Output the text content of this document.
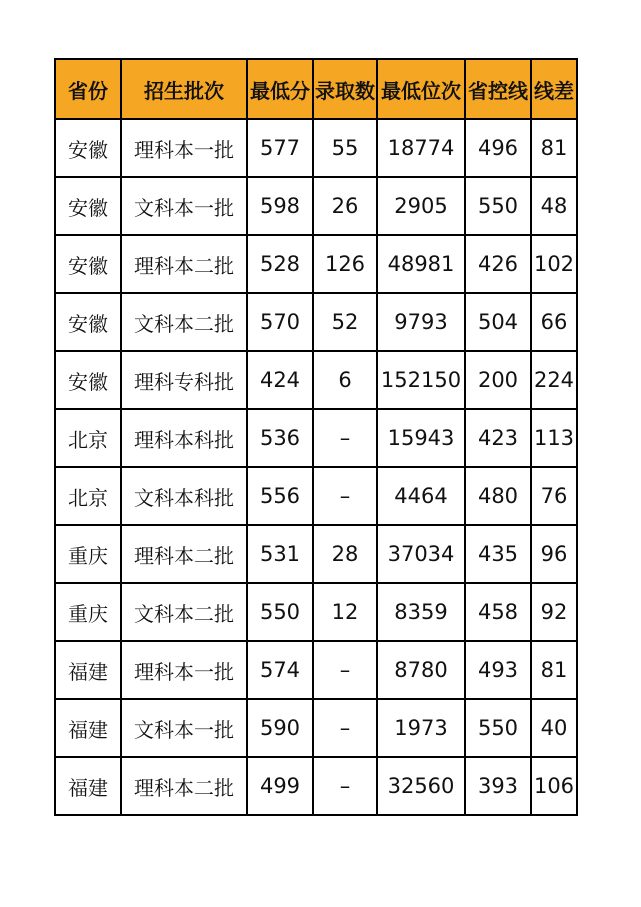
省份	招生批次	最低分	录取数	最低位次	省控线	线差
安徽	理科本一批	577	55	18774	496	81
安徽	文科本一批	598	26	2905	550	48
安徽	理科本二批	528	126	48981	426	102
安徽	文科本二批	570	52	9793	504	66
安徽	理科专科批	424	6	152150	200	224
北京	理科本科批	536	–	15943	423	113
北京	文科本科批	556	–	4464	480	76
重庆	理科本二批	531	28	37034	435	96
重庆	文科本二批	550	12	8359	458	92
福建	理科本一批	574	–	8780	493	81
福建	文科本一批	590	–	1973	550	40
福建	理科本二批	499	–	32560	393	106
